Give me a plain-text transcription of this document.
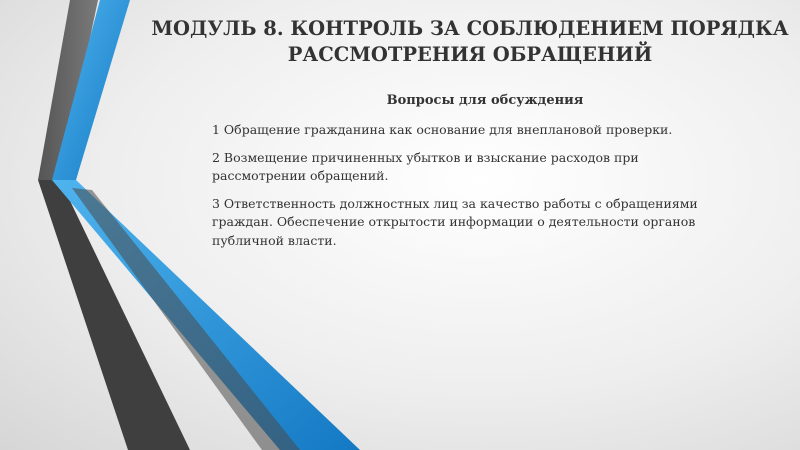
МОДУЛЬ 8. КОНТРОЛЬ ЗА СОБЛЮДЕНИЕМ ПОРЯДКА
РАССМОТРЕНИЯ ОБРАЩЕНИЙ
Вопросы для обсуждения
1 Обращение гражданина как основание для внеплановой проверки.
2 Возмещение причиненных убытков и взыскание расходов при
рассмотрении обращений.
3 Ответственность должностных лиц за качество работы с обращениями
граждан. Обеспечение открытости информации о деятельности органов
публичной власти.
